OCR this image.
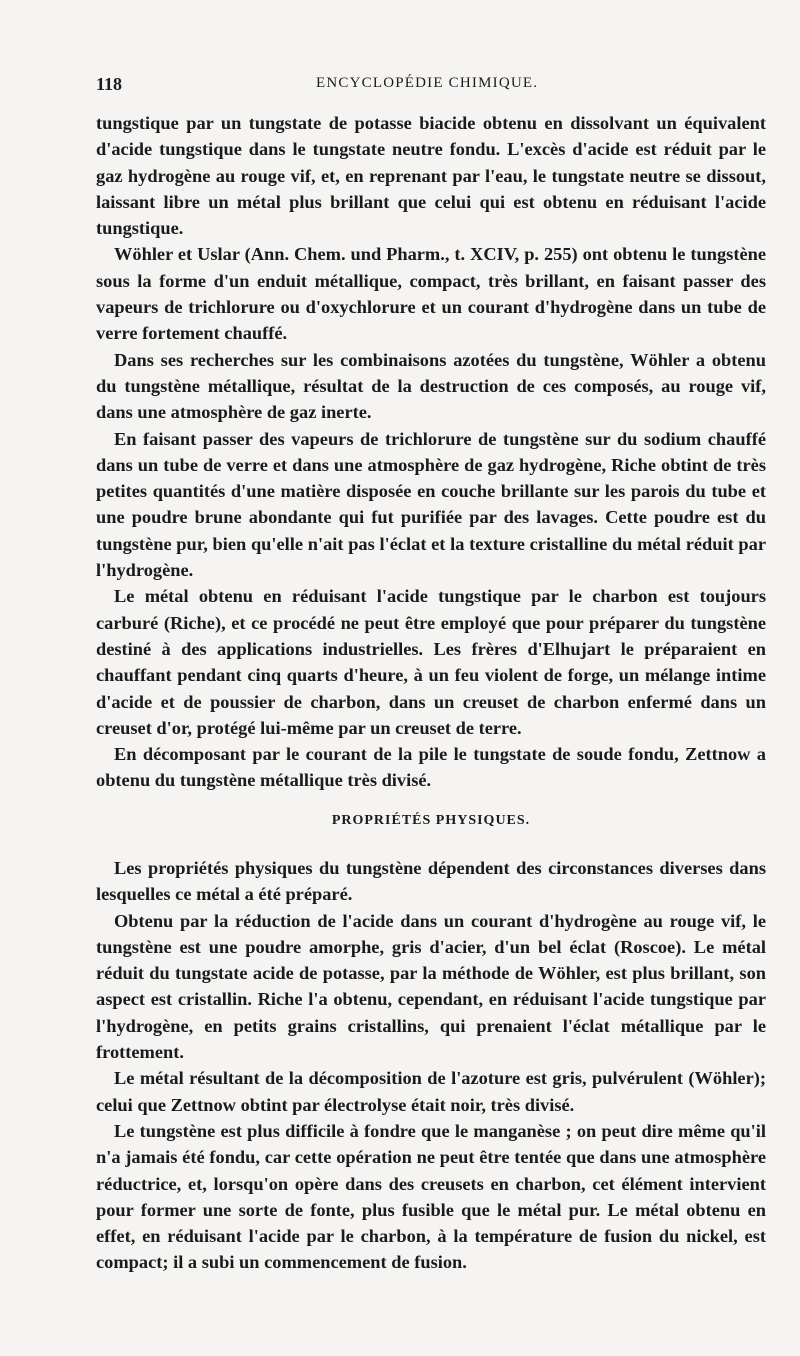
118	ENCYCLOPÉDIE CHIMIQUE.

tungstique par un tungstate de potasse biacide obtenu en dissolvant un équivalent d'acide tungstique dans le tungstate neutre fondu. L'excès d'acide est réduit par le gaz hydrogène au rouge vif, et, en reprenant par l'eau, le tungstate neutre se dissout, laissant libre un métal plus brillant que celui qui est obtenu en réduisant l'acide tungstique.

Wöhler et Uslar (Ann. Chem. und Pharm., t. XCIV, p. 255) ont obtenu le tungstène sous la forme d'un enduit métallique, compact, très brillant, en faisant passer des vapeurs de trichlorure ou d'oxychlorure et un courant d'hydrogène dans un tube de verre fortement chauffé.

Dans ses recherches sur les combinaisons azotées du tungstène, Wöhler a obtenu du tungstène métallique, résultat de la destruction de ces composés, au rouge vif, dans une atmosphère de gaz inerte.

En faisant passer des vapeurs de trichlorure de tungstène sur du sodium chauffé dans un tube de verre et dans une atmosphère de gaz hydrogène, Riche obtint de très petites quantités d'une matière disposée en couche brillante sur les parois du tube et une poudre brune abondante qui fut purifiée par des lavages. Cette poudre est du tungstène pur, bien qu'elle n'ait pas l'éclat et la texture cristalline du métal réduit par l'hydrogène.

Le métal obtenu en réduisant l'acide tungstique par le charbon est toujours carburé (Riche), et ce procédé ne peut être employé que pour préparer du tungstène destiné à des applications industrielles. Les frères d'Elhujart le préparaient en chauffant pendant cinq quarts d'heure, à un feu violent de forge, un mélange intime d'acide et de poussier de charbon, dans un creuset de charbon enfermé dans un creuset d'or, protégé lui-même par un creuset de terre.

En décomposant par le courant de la pile le tungstate de soude fondu, Zettnow a obtenu du tungstène métallique très divisé.

PROPRIÉTÉS PHYSIQUES.

Les propriétés physiques du tungstène dépendent des circonstances diverses dans lesquelles ce métal a été préparé.

Obtenu par la réduction de l'acide dans un courant d'hydrogène au rouge vif, le tungstène est une poudre amorphe, gris d'acier, d'un bel éclat (Roscoe). Le métal réduit du tungstate acide de potasse, par la méthode de Wöhler, est plus brillant, son aspect est cristallin. Riche l'a obtenu, cependant, en réduisant l'acide tungstique par l'hydrogène, en petits grains cristallins, qui prenaient l'éclat métallique par le frottement.

Le métal résultant de la décomposition de l'azoture est gris, pulvérulent (Wöhler); celui que Zettnow obtint par électrolyse était noir, très divisé.

Le tungstène est plus difficile à fondre que le manganèse ; on peut dire même qu'il n'a jamais été fondu, car cette opération ne peut être tentée que dans une atmosphère réductrice, et, lorsqu'on opère dans des creusets en charbon, cet élément intervient pour former une sorte de fonte, plus fusible que le métal pur. Le métal obtenu en effet, en réduisant l'acide par le charbon, à la température de fusion du nickel, est compact; il a subi un commencement de fusion.
